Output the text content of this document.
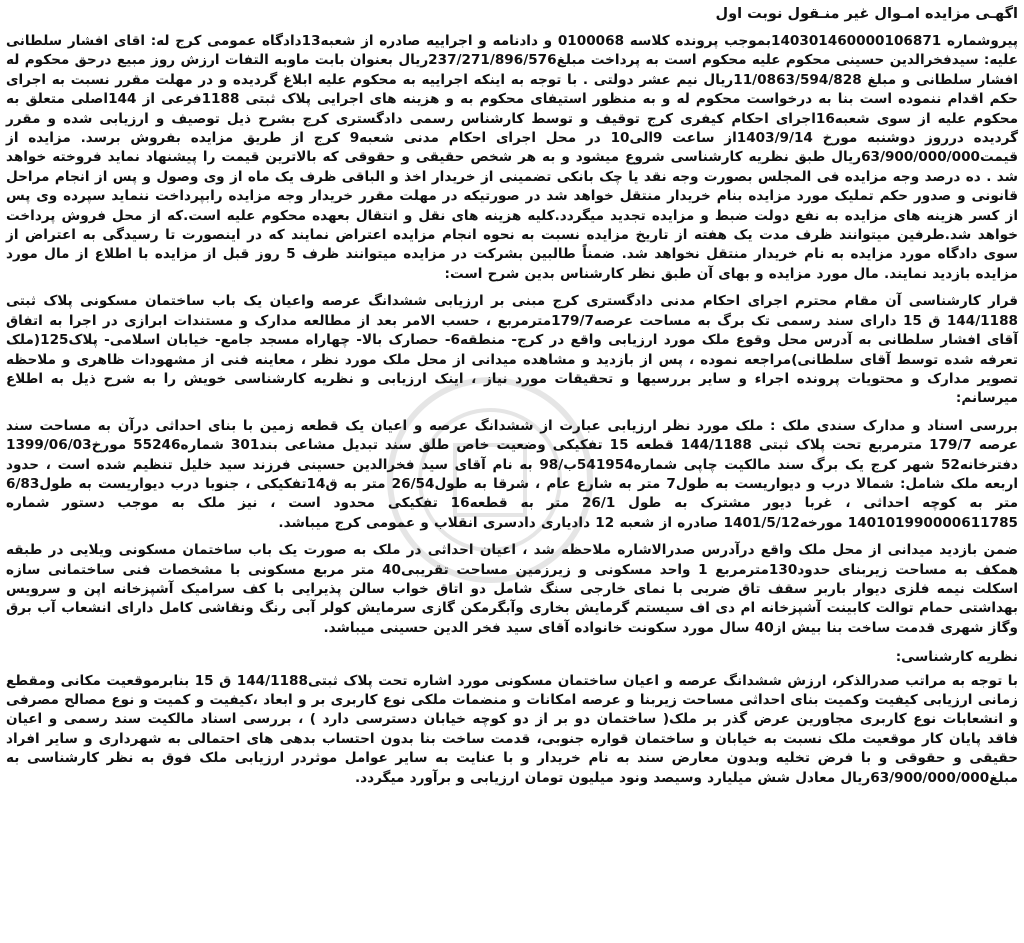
اگهـی مزایده امـوال غیر منـقول نوبت اول
پیروشماره 140301460000106871بموجب پرونده کلاسه 0100068 و دادنامه و اجراییه صادره از شعبه13دادگاه عمومی کرج له: اقای افشار سلطانی علیه: سیدفخرالدین حسینی محکوم علیه محکوم است به پرداخت مبلغ237/271/896/576ریال بعنوان بابت ماوبه التفات ارزش روز مبیع درحق محکوم له افشار سلطانی و مبلغ 11/0863/594/828ریال نیم عشر دولتی . با توجه به اینکه اجراییه به محکوم علیه ابلاغ گردیده و در مهلت مقرر نسبت به اجرای حکم اقدام ننموده است بنا به درخواست محکوم له و به منظور استیفای محکوم به و هزینه های اجرایی پلاک ثبتی 1188فرعی از 144اصلی متعلق به محکوم علیه از سوی شعبه16اجرای احکام کیفری کرج توقیف و توسط کارشناس رسمی دادگستری کرج بشرح ذیل توصیف و ارزیابی شده و مقرر گردیده درروز دوشنبه مورخ 1403/9/14از ساعت 9الی10 در محل اجرای احکام مدنی شعبه9 کرج از طریق مزایده بفروش برسد. مزایده از قیمت63/900/000/000ریال طبق نظریه کارشناسی شروع میشود و به هر شخص حقیقی و حقوقی که بالاترین قیمت را پیشنهاد نماید فروخته خواهد شد . ده درصد وجه مزایده فی المجلس بصورت وجه نقد یا چک بانکی تضمینی از خریدار اخذ و الباقی ظرف یک ماه از وی وصول و پس از انجام مراحل قانونی و صدور حکم تملیک مورد مزایده بنام خریدار منتقل خواهد شد در صورتیکه در مهلت مقرر خریدار وجه مزایده رابپرداخت ننماید سپرده وی پس از کسر هزینه های مزایده به نفع دولت ضبط و مزایده تجدید میگردد.کلیه هزینه های نقل و انتقال بعهده محکوم علیه است.که از محل فروش پرداخت خواهد شد.طرفین میتوانند ظرف مدت یک هفته از تاریخ مزایده نسبت به نحوه انجام مزایده اعتراض نمایند که در اینصورت تا رسیدگی به اعتراض از سوی دادگاه مورد مزایده به نام خریدار منتقل نخواهد شد. ضمناً طالبین بشرکت در مزایده میتوانند ظرف 5 روز قبل از مزایده با اطلاع از مال مورد مزایده بازدید نمایند. مال مورد مزایده و بهای آن طبق نظر کارشناس بدین شرح است:
قرار کارشناسی آن مقام محترم اجرای احکام مدنی دادگستری کرج مبنی بر ارزیابی ششدانگ عرصه واعیان یک باب ساختمان مسکونی پلاک ثبتی 144/1188 ق 15 دارای سند رسمی تک برگ به مساحت عرصه179/7مترمربع ، حسب الامر بعد از مطالعه مدارک و مستندات ابرازی در اجرا به اتفاق آقای افشار سلطانی به آدرس محل وقوع ملک مورد ارزیابی واقع در کرج- منطقه6- حصارک بالا- چهاراه مسجد جامع- خیابان اسلامی- پلاک125(ملک تعرفه شده توسط آقای سلطانی)مراجعه نموده ، پس از بازدید و مشاهده میدانی از محل ملک مورد نظر ، معاینه فنی از مشهودات ظاهری و ملاحظه تصویر مدارک و محتویات پرونده اجراء و سایر بررسیها و تحقیقات مورد نیاز ، اینک ارزیابی و نظریه کارشناسی خویش را به شرح ذیل به اطلاع میرسانم:
بررسی اسناد و مدارک سندی ملک : ملک مورد نظر ارزیابی عبارت از ششدانگ عرصه و اعیان یک قطعه زمین با بنای احداثی درآن به مساحت سند عرصه 179/7 مترمربع تحت پلاک ثبتی 144/1188 قطعه 15 تفکیکی وضعیت خاص طلق سند تبدیل مشاعی بند301 شماره55246 مورخ1399/06/03 دفترخانه52 شهر کرج یک برگ سند مالکیت چاپی شماره541954ب/98 به نام آقای سید فخرالدین حسینی فرزند سید خلیل تنظیم شده است ، حدود اربعه ملک شامل: شمالا درب و دیواریست به طول7 متر به شارع عام ، شرقا به طول26/54 متر به ق14تفکیکی ، جنوبا درب دیواریست به طول6/83 متر به کوچه احداثی ، غربا دیور مشترک به طول 26/1 متر به قطعه16 تفکیکی محدود است ، نیز ملک به موجب دستور شماره 140101990000611785 مورخه1401/5/12 صادره از شعبه 12 دادیاری دادسری انقلاب و عمومی کرج میباشد.
ضمن بازدید میدانی از محل ملک واقع درآدرس صدرالاشاره ملاحظه شد ، اعیان احداثی در ملک به صورت یک باب ساختمان مسکونی ویلایی در طبقه همکف به مساحت زیربنای حدود130مترمربع 1 واحد مسکونی و زیرزمین مساحت تقریبی40 متر مربع مسکونی با مشخصات فنی ساختمانی سازه اسکلت نیمه فلزی دیوار باربر سقف تاق ضربی با نمای خارجی سنگ شامل دو اتاق خواب سالن پذیرایی با کف سرامیک آشپزخانه اپن و سرویس بهداشتی حمام توالت کابینت آشپزخانه ام دی اف سیستم گرمایش بخاری وآبگرمکن گازی سرمایش کولر آبی رنگ ونقاشی کامل دارای انشعاب آب برق وگاز شهری قدمت ساخت بنا بیش از40 سال مورد سکونت خانواده آقای سید فخر الدین حسینی میباشد.
نظریه کارشناسی:
با توجه به مراتب صدرالذکر، ارزش ششدانگ عرصه و اعیان ساختمان مسکونی مورد اشاره تحت پلاک ثبتی144/1188 ق 15 بنابرموقعیت مکانی ومقطع زمانی ارزیابی کیفیت وکمیت بنای احداثی مساحت زیربنا و عرصه امکانات و منضمات ملکی نوع کاربری بر و ابعاد ،کیفیت و کمیت و نوع مصالح مصرفی و انشعابات نوع کاربری مجاورین عرض گذر بر ملک( ساختمان دو بر از دو کوچه خیابان دسترسی دارد ) ، بررسی اسناد مالکیت سند رسمی و اعیان فاقد پایان کار موقعیت ملک نسبت به خیابان و ساختمان قواره جنوبی، قدمت ساخت بنا بدون احتساب بدهی های احتمالی به شهرداری و سایر افراد حقیقی و حقوقی و با فرض تخلیه وبدون معارض سند به نام خریدار و با عنایت به سایر عوامل موثردر ارزیابی ملک فوق به نظر کارشناسی به مبلغ63/900/000/000ریال معادل شش میلیارد وسیصد ونود میلیون تومان ارزیابی و برآورد میگردد.
